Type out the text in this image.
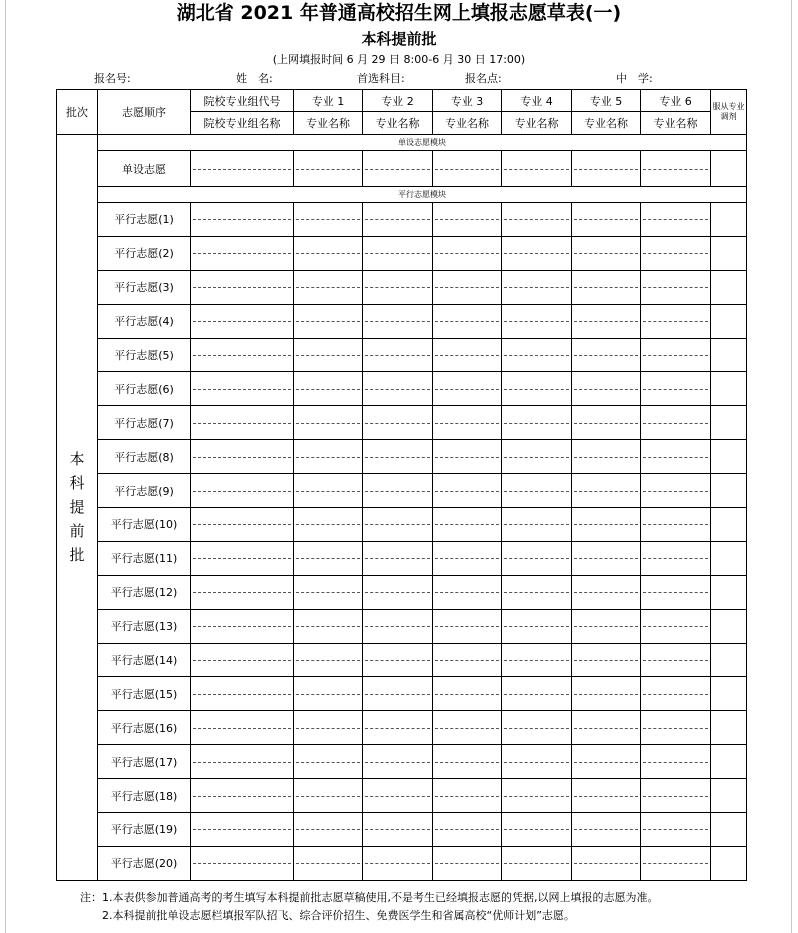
湖北省 2021 年普通高校招生网上填报志愿草表(一)
本科提前批
(上网填报时间 6 月 29 日 8:00-6 月 30 日 17:00)
报名号:	姓　名:	首选科目:	报名点:	中　学:
批次	志愿顺序	院校专业组代号	专业 1	专业 2	专业 3	专业 4	专业 5	专业 6	服从专业调剂
		院校专业组名称	专业名称	专业名称	专业名称	专业名称	专业名称	专业名称	
本科提前批	单设志愿模块								
	单设志愿								
	平行志愿模块								
	平行志愿(1)								
	平行志愿(2)								
	平行志愿(3)								
	平行志愿(4)								
	平行志愿(5)								
	平行志愿(6)								
	平行志愿(7)								
	平行志愿(8)								
	平行志愿(9)								
	平行志愿(10)								
	平行志愿(11)								
	平行志愿(12)								
	平行志愿(13)								
	平行志愿(14)								
	平行志愿(15)								
	平行志愿(16)								
	平行志愿(17)								
	平行志愿(18)								
	平行志愿(19)								
	平行志愿(20)								
注：1.本表供参加普通高考的考生填写本科提前批志愿草稿使用,不是考生已经填报志愿的凭据,以网上填报的志愿为准。
2.本科提前批单设志愿栏填报军队招飞、综合评价招生、免费医学生和省属高校“优师计划”志愿。
